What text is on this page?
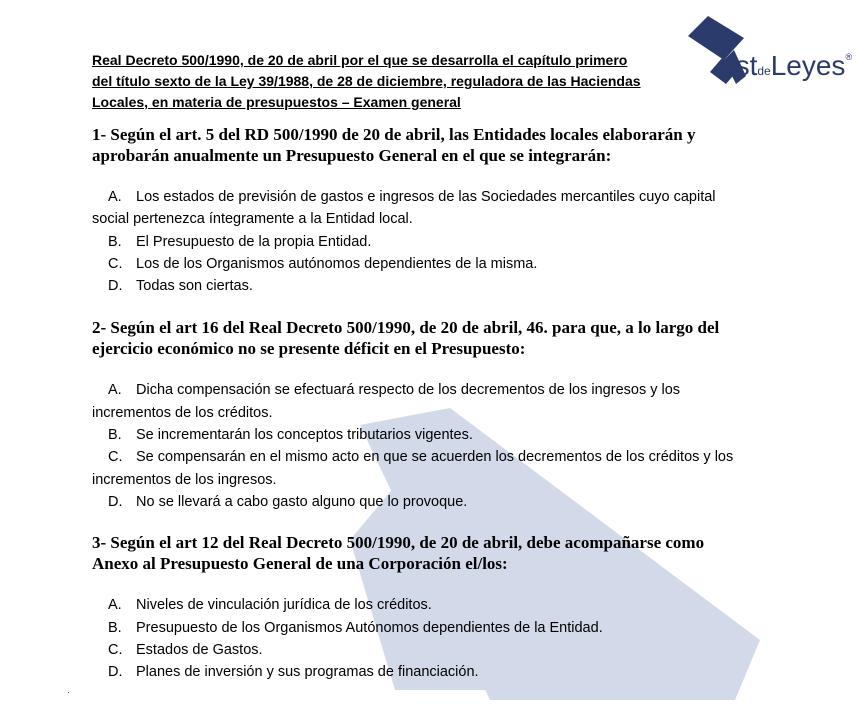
estdeLeyes®

Real Decreto 500/1990, de 20 de abril por el que se desarrolla el capítulo primero
del título sexto de la Ley 39/1988, de 28 de diciembre, reguladora de las Haciendas
Locales, en materia de presupuestos – Examen general

1- Según el art. 5 del RD 500/1990 de 20 de abril, las Entidades locales elaborarán y aprobarán anualmente un Presupuesto General en el que se integrarán:

A. Los estados de previsión de gastos e ingresos de las Sociedades mercantiles cuyo capital social pertenezca íntegramente a la Entidad local.
B. El Presupuesto de la propia Entidad.
C. Los de los Organismos autónomos dependientes de la misma.
D. Todas son ciertas.

2- Según el art 16 del Real Decreto 500/1990, de 20 de abril, 46. para que, a lo largo del ejercicio económico no se presente déficit en el Presupuesto:

A. Dicha compensación se efectuará respecto de los decrementos de los ingresos y los incrementos de los créditos.
B. Se incrementarán los conceptos tributarios vigentes.
C. Se compensarán en el mismo acto en que se acuerden los decrementos de los créditos y los incrementos de los ingresos.
D. No se llevará a cabo gasto alguno que lo provoque.

3- Según el art 12 del Real Decreto 500/1990, de 20 de abril, debe acompañarse como Anexo al Presupuesto General de una Corporación el/los:

A. Niveles de vinculación jurídica de los créditos.
B. Presupuesto de los Organismos Autónomos dependientes de la Entidad.
C. Estados de Gastos.
D. Planes de inversión y sus programas de financiación.
